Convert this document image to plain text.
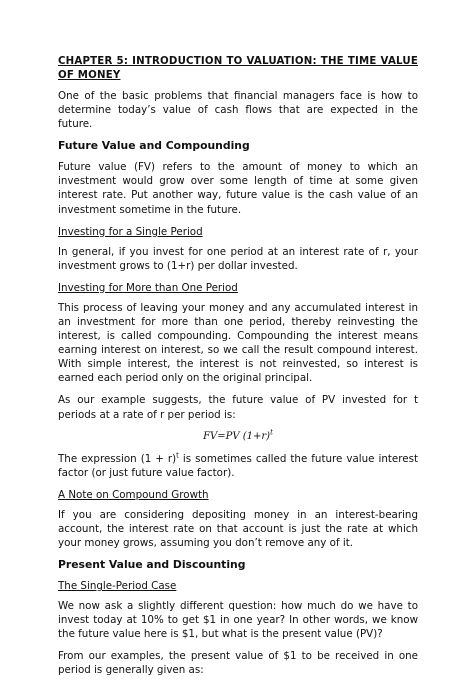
CHAPTER 5: INTRODUCTION TO VALUATION: THE TIME VALUE OF MONEY

One of the basic problems that financial managers face is how to determine today’s value of cash flows that are expected in the future.

Future Value and Compounding

Future value (FV) refers to the amount of money to which an investment would grow over some length of time at some given interest rate. Put another way, future value is the cash value of an investment sometime in the future.

Investing for a Single Period

In general, if you invest for one period at an interest rate of r, your investment grows to (1+r) per dollar invested.

Investing for More than One Period

This process of leaving your money and any accumulated interest in an investment for more than one period, thereby reinvesting the interest, is called compounding. Compounding the interest means earning interest on interest, so we call the result compound interest. With simple interest, the interest is not reinvested, so interest is earned each period only on the original principal.

As our example suggests, the future value of PV invested for t periods at a rate of r per period is:

FV=PV $(1+r)^t$

The expression $(1 + r)^t$ is sometimes called the future value interest factor (or just future value factor).

A Note on Compound Growth

If you are considering depositing money in an interest-bearing account, the interest rate on that account is just the rate at which your money grows, assuming you don’t remove any of it.

Present Value and Discounting
The Single-Period Case

We now ask a slightly different question: how much do we have to invest today at 10% to get $1 in one year? In other words, we know the future value here is $1, but what is the present value (PV)?

From our examples, the present value of $1 to be received in one period is generally given as:
